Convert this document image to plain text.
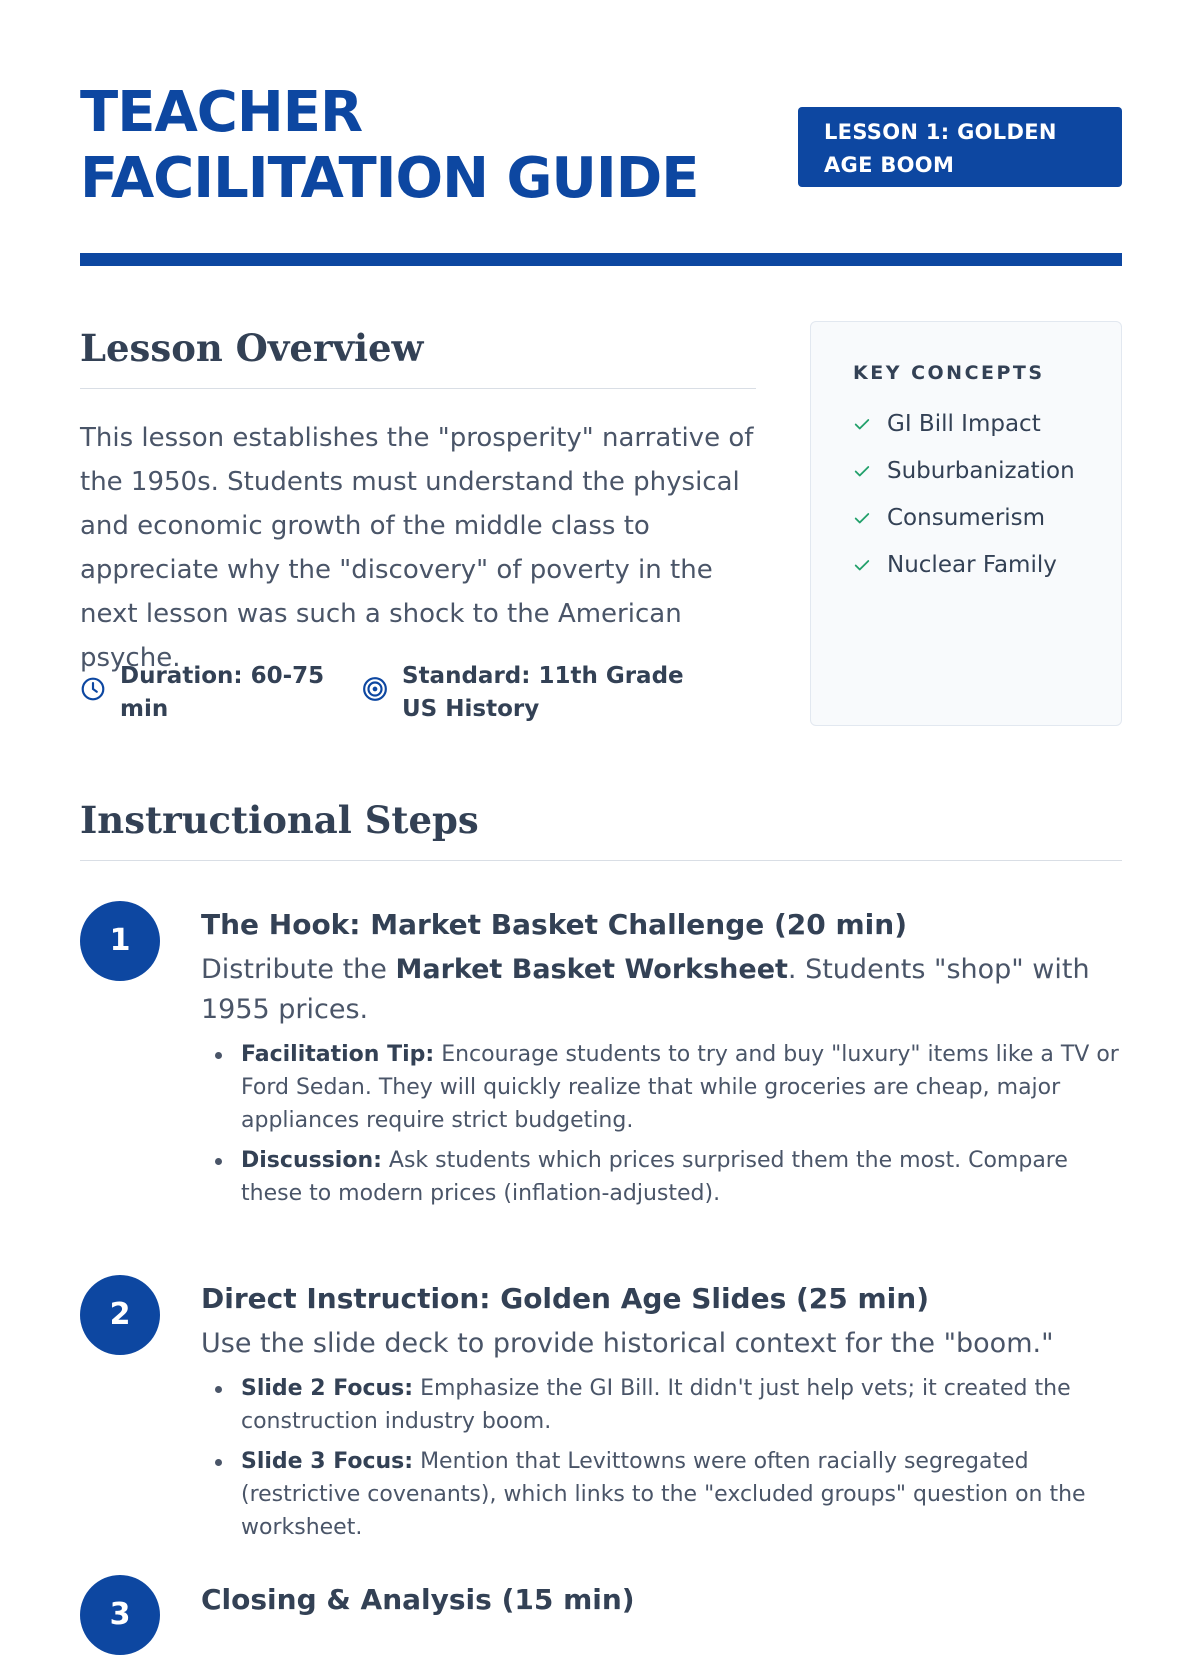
TEACHER
FACILITATION GUIDE
LESSON 1: GOLDEN AGE BOOM
Lesson Overview

This lesson establishes the "prosperity" narrative of the 1950s. Students must understand the physical and economic growth of the middle class to appreciate why the "discovery" of poverty in the next lesson was such a shock to the American psyche.

Duration: 60-75 min
Standard: 11th Grade US History
KEY CONCEPTS
GI Bill Impact
Suburbanization
Consumerism
Nuclear Family
Instructional Steps
1	The Hook: Market Basket Challenge (20 min)

Distribute the Market Basket Worksheet. Students "shop" with 1955 prices.

Facilitation Tip: Encourage students to try and buy "luxury" items like a TV or Ford Sedan. They will quickly realize that while groceries are cheap, major appliances require strict budgeting.
Discussion: Ask students which prices surprised them the most. Compare these to modern prices (inflation-adjusted).
2	Direct Instruction: Golden Age Slides (25 min)

Use the slide deck to provide historical context for the "boom."

Slide 2 Focus: Emphasize the GI Bill. It didn't just help vets; it created the construction industry boom.
Slide 3 Focus: Mention that Levittowns were often racially segregated (restrictive covenants), which links to the "excluded groups" question on the worksheet.
3	Closing & Analysis (15 min)
